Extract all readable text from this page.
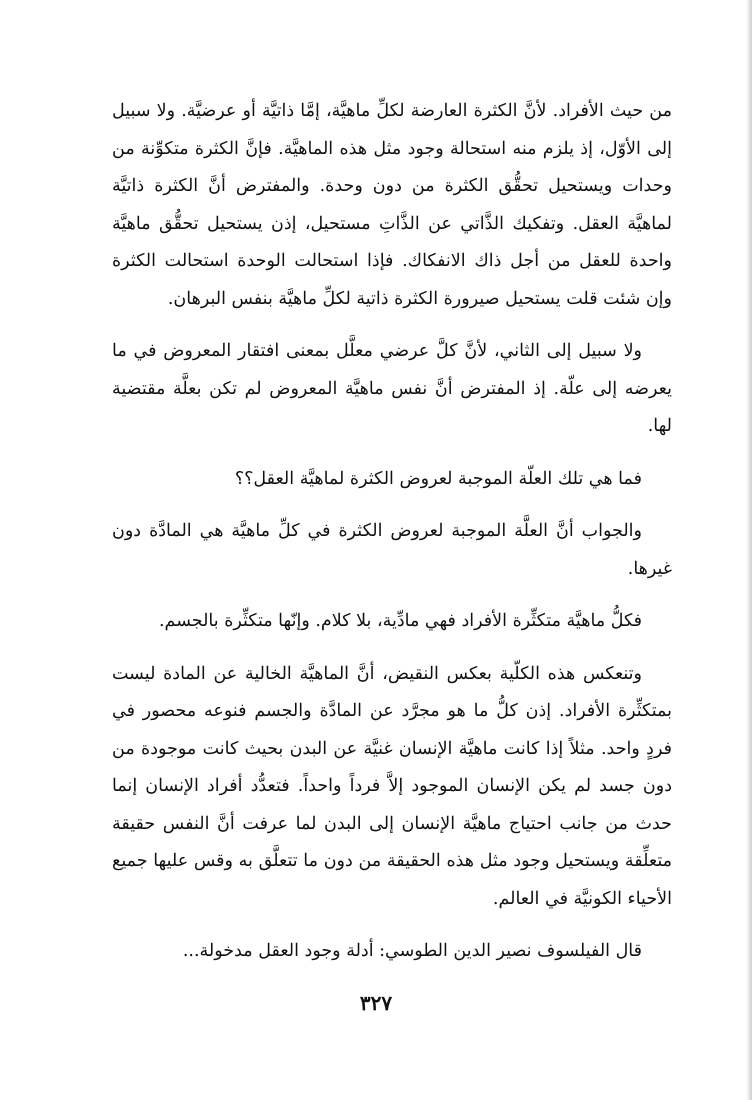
من حيث الأفراد. لأنَّ الكثرة العارضة لكلِّ ماهيَّة، إمَّا ذاتيَّة أو عرضيَّة. ولا سبيل إلى الأوّل، إذ يلزم منه استحالة وجود مثل هذه الماهيَّة. فإنَّ الكثرة متكوِّنة من وحدات ويستحيل تحقُّق الكثرة من دون وحدة. والمفترض أنَّ الكثرة ذاتيَّة لماهيَّة العقل. وتفكيك الذَّاتي عن الذَّاتِ مستحيل، إذن يستحيل تحقُّق ماهيَّة واحدة للعقل من أجل ذاك الانفكاك. فإذا استحالت الوحدة استحالت الكثرة وإن شئت قلت يستحيل صيرورة الكثرة ذاتية لكلِّ ماهيَّة بنفس البرهان.

ولا سبيل إلى الثاني، لأنَّ كلَّ عرضي معلَّل بمعنى افتقار المعروض في ما يعرضه إلى علّة. إذ المفترض أنَّ نفس ماهيَّة المعروض لم تكن بعلَّة مقتضية لها.

فما هي تلك العلّة الموجبة لعروض الكثرة لماهيَّة العقل؟؟

والجواب أنَّ العلَّة الموجبة لعروض الكثرة في كلِّ ماهيَّة هي المادَّة دون غيرها.

فكلُّ ماهيَّة متكثِّرة الأفراد فهي مادِّية، بلا كلام. وإنّها متكثِّرة بالجسم.

وتنعكس هذه الكلّية بعكس النقيض، أنَّ الماهيَّة الخالية عن المادة ليست بمتكثِّرة الأفراد. إذن كلُّ ما هو مجرَّد عن المادَّة والجسم فنوعه محصور في فردٍ واحد. مثلاً إذا كانت ماهيَّة الإنسان غنيَّة عن البدن بحيث كانت موجودة من دون جسد لم يكن الإنسان الموجود إلاَّ فرداً واحداً. فتعدُّد أفراد الإنسان إنما حدث من جانب احتياج ماهيَّة الإنسان إلى البدن لما عرفت أنَّ النفس حقيقة متعلِّقة ويستحيل وجود مثل هذه الحقيقة من دون ما تتعلَّق به وقس عليها جميع الأحياء الكونيَّة في العالم.

قال الفيلسوف نصير الدين الطوسي: أدلة وجود العقل مدخولة...

٣٢٧
